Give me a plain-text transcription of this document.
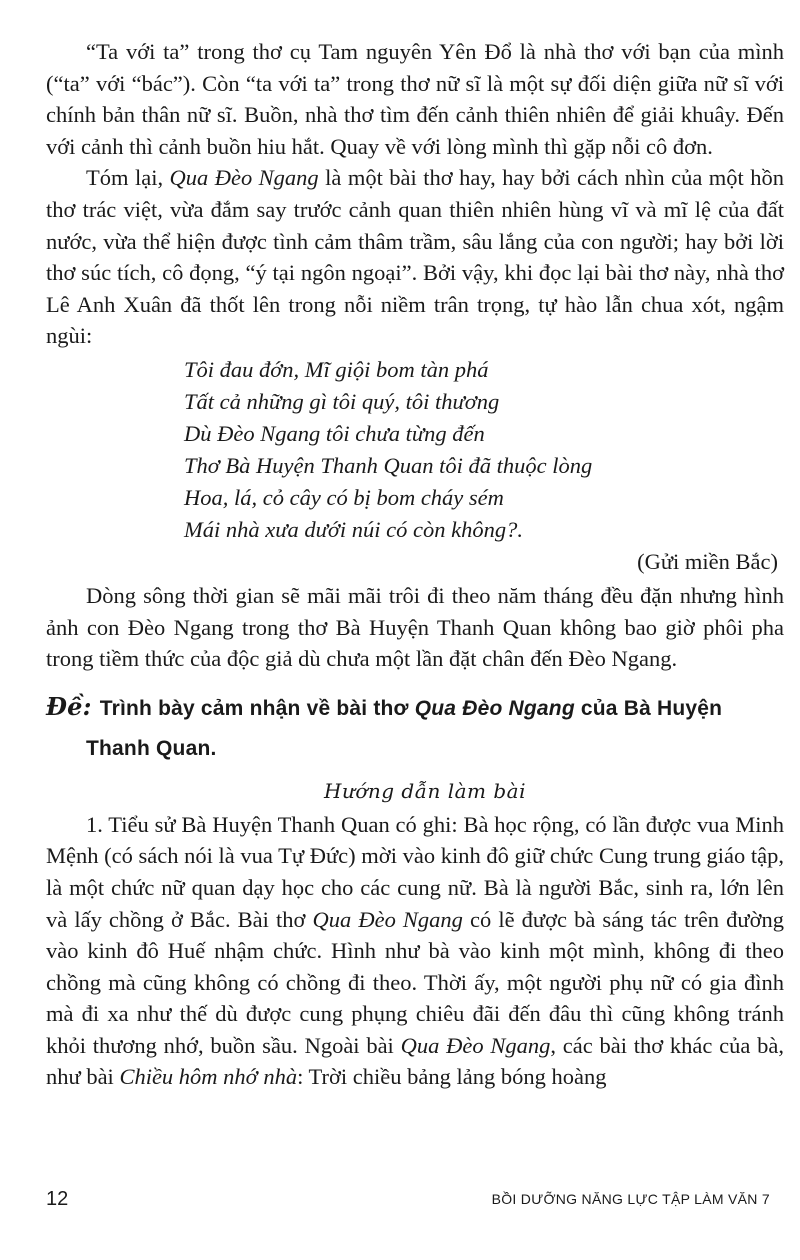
“Ta với ta” trong thơ cụ Tam nguyên Yên Đổ là nhà thơ với bạn của mình (“ta” với “bác”). Còn “ta với ta” trong thơ nữ sĩ là một sự đối diện giữa nữ sĩ với chính bản thân nữ sĩ. Buồn, nhà thơ tìm đến cảnh thiên nhiên để giải khuây. Đến với cảnh thì cảnh buồn hiu hắt. Quay về với lòng mình thì gặp nỗi cô đơn.

Tóm lại, Qua Đèo Ngang là một bài thơ hay, hay bởi cách nhìn của một hồn thơ trác việt, vừa đắm say trước cảnh quan thiên nhiên hùng vĩ và mĩ lệ của đất nước, vừa thể hiện được tình cảm thâm trầm, sâu lắng của con người; hay bởi lời thơ súc tích, cô đọng, “ý tại ngôn ngoại”. Bởi vậy, khi đọc lại bài thơ này, nhà thơ Lê Anh Xuân đã thốt lên trong nỗi niềm trân trọng, tự hào lẫn chua xót, ngậm ngùi:

Tôi đau đớn, Mĩ giội bom tàn phá
Tất cả những gì tôi quý, tôi thương
Dù Đèo Ngang tôi chưa từng đến
Thơ Bà Huyện Thanh Quan tôi đã thuộc lòng
Hoa, lá, cỏ cây có bị bom cháy sém
Mái nhà xưa dưới núi có còn không?.
(Gửi miền Bắc)

Dòng sông thời gian sẽ mãi mãi trôi đi theo năm tháng đều đặn nhưng hình ảnh con Đèo Ngang trong thơ Bà Huyện Thanh Quan không bao giờ phôi pha trong tiềm thức của độc giả dù chưa một lần đặt chân đến Đèo Ngang.

Đề: Trình bày cảm nhận về bài thơ Qua Đèo Ngang của Bà Huyện
Thanh Quan.
Hướng dẫn làm bài

1. Tiểu sử Bà Huyện Thanh Quan có ghi: Bà học rộng, có lần được vua Minh Mệnh (có sách nói là vua Tự Đức) mời vào kinh đô giữ chức Cung trung giáo tập, là một chức nữ quan dạy học cho các cung nữ. Bà là người Bắc, sinh ra, lớn lên và lấy chồng ở Bắc. Bài thơ Qua Đèo Ngang có lẽ được bà sáng tác trên đường vào kinh đô Huế nhậm chức. Hình như bà vào kinh một mình, không đi theo chồng mà cũng không có chồng đi theo. Thời ấy, một người phụ nữ có gia đình mà đi xa như thế dù được cung phụng chiêu đãi đến đâu thì cũng không tránh khỏi thương nhớ, buồn sầu. Ngoài bài Qua Đèo Ngang, các bài thơ khác của bà, như bài Chiều hôm nhớ nhà: Trời chiều bảng lảng bóng hoàng

12	BỒI DƯỠNG NĂNG LỰC TẬP LÀM VĂN 7
